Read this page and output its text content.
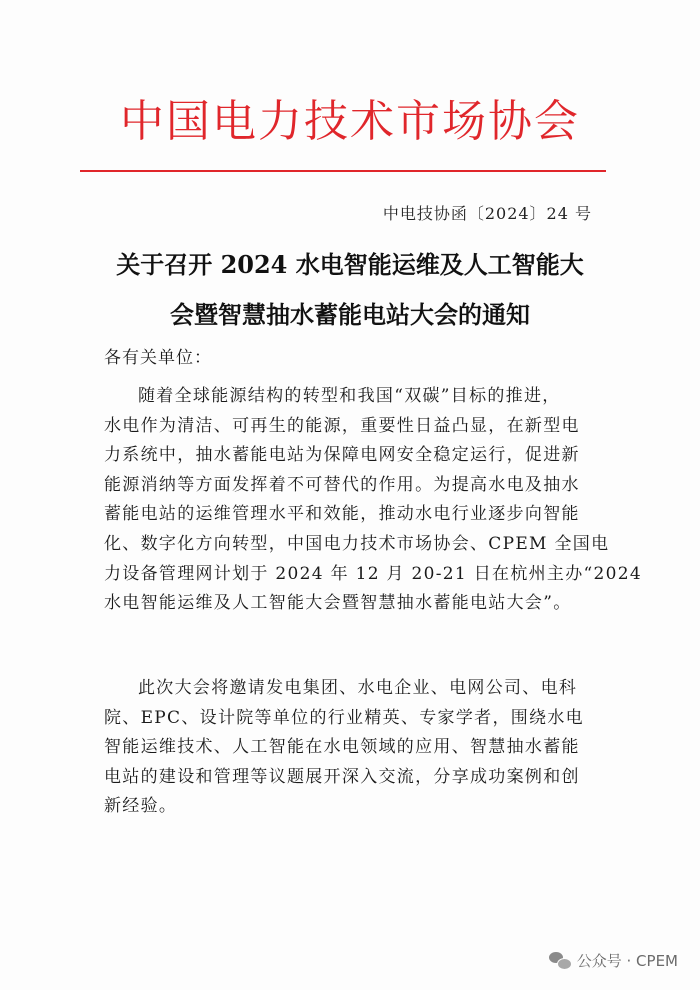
中国电力技术市场协会
中电技协函〔2024〕24 号
关于召开 2024 水电智能运维及人工智能大
会暨智慧抽水蓄能电站大会的通知
各有关单位：
随着全球能源结构的转型和我国“双碳”目标的推进，
水电作为清洁、可再生的能源，重要性日益凸显，在新型电
力系统中，抽水蓄能电站为保障电网安全稳定运行，促进新
能源消纳等方面发挥着不可替代的作用。为提高水电及抽水
蓄能电站的运维管理水平和效能，推动水电行业逐步向智能
化、数字化方向转型，中国电力技术市场协会、CPEM 全国电
力设备管理网计划于 2024 年 12 月 20-21 日在杭州主办“2024
水电智能运维及人工智能大会暨智慧抽水蓄能电站大会”。
此次大会将邀请发电集团、水电企业、电网公司、电科
院、EPC、设计院等单位的行业精英、专家学者，围绕水电
智能运维技术、人工智能在水电领域的应用、智慧抽水蓄能
电站的建设和管理等议题展开深入交流，分享成功案例和创
新经验。
公众号 · CPEM
